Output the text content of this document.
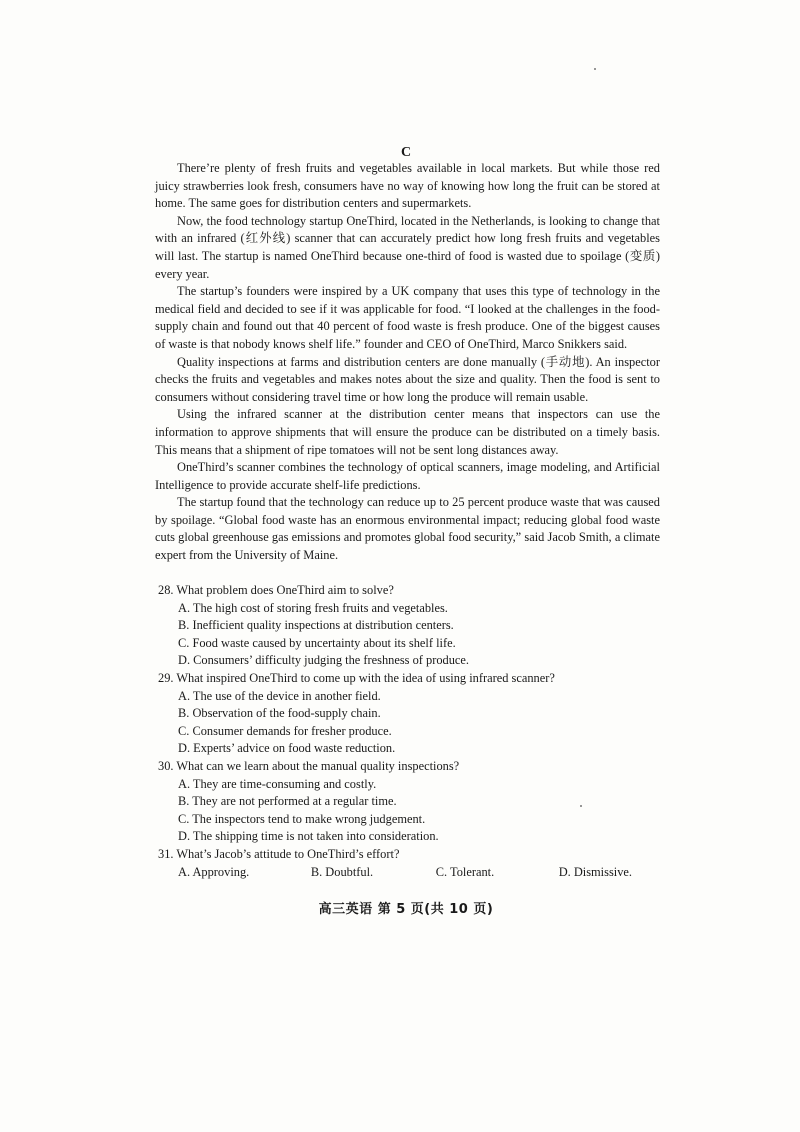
C

There’re plenty of fresh fruits and vegetables available in local markets. But while those red juicy strawberries look fresh, consumers have no way of knowing how long the fruit can be stored at home. The same goes for distribution centers and supermarkets.

Now, the food technology startup OneThird, located in the Netherlands, is looking to change that with an infrared (红外线) scanner that can accurately predict how long fresh fruits and vegetables will last. The startup is named OneThird because one-third of food is wasted due to spoilage (变质) every year.

The startup’s founders were inspired by a UK company that uses this type of technology in the medical field and decided to see if it was applicable for food. “I looked at the challenges in the food-supply chain and found out that 40 percent of food waste is fresh produce. One of the biggest causes of waste is that nobody knows shelf life.” founder and CEO of OneThird, Marco Snikkers said.

Quality inspections at farms and distribution centers are done manually (手动地). An inspector checks the fruits and vegetables and makes notes about the size and quality. Then the food is sent to consumers without considering travel time or how long the produce will remain usable.

Using the infrared scanner at the distribution center means that inspectors can use the information to approve shipments that will ensure the produce can be distributed on a timely basis. This means that a shipment of ripe tomatoes will not be sent long distances away.

OneThird’s scanner combines the technology of optical scanners, image modeling, and Artificial Intelligence to provide accurate shelf-life predictions.

The startup found that the technology can reduce up to 25 percent produce waste that was caused by spoilage. “Global food waste has an enormous environmental impact; reducing global food waste cuts global greenhouse gas emissions and promotes global food security,” said Jacob Smith, a climate expert from the University of Maine.

28. What problem does OneThird aim to solve?

A. The high cost of storing fresh fruits and vegetables.

B. Inefficient quality inspections at distribution centers.

C. Food waste caused by uncertainty about its shelf life.

D. Consumers’ difficulty judging the freshness of produce.

29. What inspired OneThird to come up with the idea of using infrared scanner?

A. The use of the device in another field.

B. Observation of the food-supply chain.

C. Consumer demands for fresher produce.

D. Experts’ advice on food waste reduction.

30. What can we learn about the manual quality inspections?

A. They are time-consuming and costly.

B. They are not performed at a regular time.

C. The inspectors tend to make wrong judgement.

D. The shipping time is not taken into consideration.

31. What’s Jacob’s attitude to OneThird’s effort?

A. Approving.	B. Doubtful.	C. Tolerant.	D. Dismissive.
高三英语 第 5 页(共 10 页)
